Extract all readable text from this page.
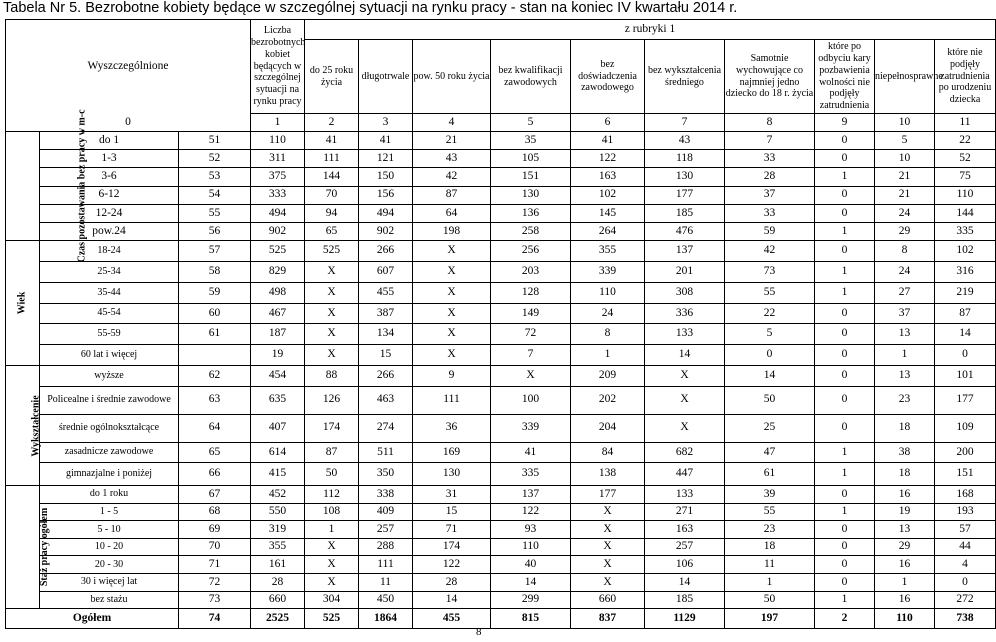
Tabela Nr 5. Bezrobotne kobiety będące w szczególnej sytuacji na rynku pracy - stan na koniec IV kwartału 2014 r.
Wyszczególnione			Liczba bezrobotnych kobiet będących w szczególnej sytuacji na rynku pracy	z rubryki 1										
				do 25 roku życia	długotrwale	pow. 50 roku życia	bez kwalifikacji zawodowych	bez doświadczenia zawodowego	bez wykształcenia średniego	Samotnie wychowujące co najmniej jedno dziecko do 18 r. życia	które po odbyciu kary pozbawienia wolności nie podjęły zatrudnienia	niepełnosprawne	które nie podjęły zatrudnienia po urodzeniu dziecka	
0			1	2	3	4	5	6	7	8	9	10	11	
Czas pozostawania bez pracy w m-c	do 1	51	110	41	41	21	35	41	43	7	0	5	22	
	1-3	52	311	111	121	43	105	122	118	33	0	10	52	
	3-6	53	375	144	150	42	151	163	130	28	1	21	75	
	6-12	54	333	70	156	87	130	102	177	37	0	21	110	
	12-24	55	494	94	494	64	136	145	185	33	0	24	144	
	pow.24	56	902	65	902	198	258	264	476	59	1	29	335	
Wiek	18-24	57	525	525	266	X	256	355	137	42	0	8	102	
	25-34	58	829	X	607	X	203	339	201	73	1	24	316	
	35-44	59	498	X	455	X	128	110	308	55	1	27	219	
	45-54	60	467	X	387	X	149	24	336	22	0	37	87	
	55-59	61	187	X	134	X	72	8	133	5	0	13	14	
	60 lat i więcej		19	X	15	X	7	1	14	0	0	1	0	
Wykształcenie	wyższe	62	454	88	266	9	X	209	X	14	0	13	101	
	Policealne i średnie zawodowe	63	635	126	463	111	100	202	X	50	0	23	177	
	średnie ogólnokształcące	64	407	174	274	36	339	204	X	25	0	18	109	
	zasadnicze zawodowe	65	614	87	511	169	41	84	682	47	1	38	200	
	gimnazjalne i poniżej	66	415	50	350	130	335	138	447	61	1	18	151	
Staż pracy ogółem	do 1 roku	67	452	112	338	31	137	177	133	39	0	16	168	
	1 - 5	68	550	108	409	15	122	X	271	55	1	19	193	
	5 - 10	69	319	1	257	71	93	X	163	23	0	13	57	
	10 - 20	70	355	X	288	174	110	X	257	18	0	29	44	
	20 - 30	71	161	X	111	122	40	X	106	11	0	16	4	
	30 i więcej lat	72	28	X	11	28	14	X	14	1	0	1	0	
	bez stażu	73	660	304	450	14	299	660	185	50	1	16	272	
Ogółem		74	2525	525	1864	455	815	837	1129	197	2	110	738	
8
